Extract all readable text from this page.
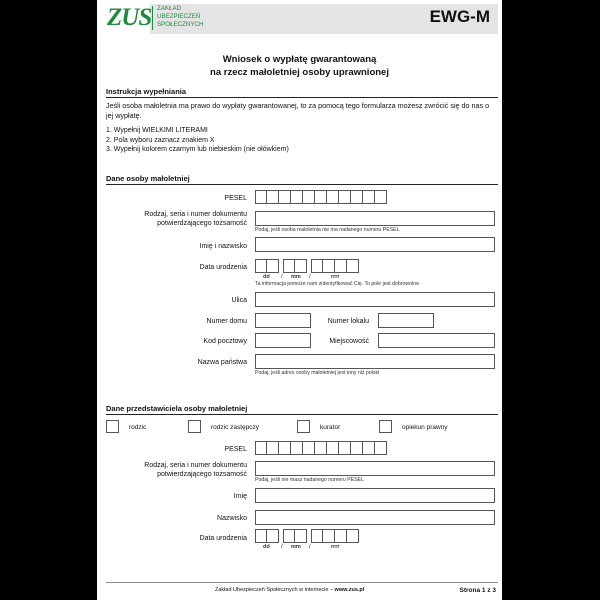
ZUS ZAKŁAD
UBEZPIECZEŃ
SPOŁECZNYCH	EWG-M
Wniosek o wypłatę gwarantowaną
na rzecz małoletniej osoby uprawnionej
Instrukcja wypełniania
Jeśli osoba małoletnia ma prawo do wypłaty gwarantowanej, to za pomocą tego formularza możesz zwrócić się do nas o jej wypłatę.
1. Wypełnij WIELKIMI LITERAMI
2. Pola wyboru zaznacz znakiem X
3. Wypełnij kolorem czarnym lub niebieskim (nie ołówkiem)
Dane osoby małoletniej
PESEL
Rodzaj, seria i numer dokumentu potwierdzającego tożsamość
Podaj, jeśli osoba małoletnia nie ma nadanego numeru PESEL
Imię i nazwisko
Data urodzenia
dd / mm /	rrrr
Ta informacja pomoże nam zidentyfikować Cię. To pole jest dobrowolne
Ulica
Numer domu	Numer lokalu
Kod pocztowy	Miejscowość
Nazwa państwa
Podaj, jeśli adres osoby małoletniej jest inny niż polski
Dane przedstawiciela osoby małoletniej
rodzic	rodzic zastępczy	kurator	opiekun prawny
PESEL
Rodzaj, seria i numer dokumentu potwierdzającego tożsamość
Podaj, jeśli nie masz nadanego numeru PESEL
Imię
Nazwisko
Data urodzenia
dd / mm /	rrrr
Zakład Ubezpieczeń Społecznych w internecie – www.zus.pl	Strona 1 z 3
